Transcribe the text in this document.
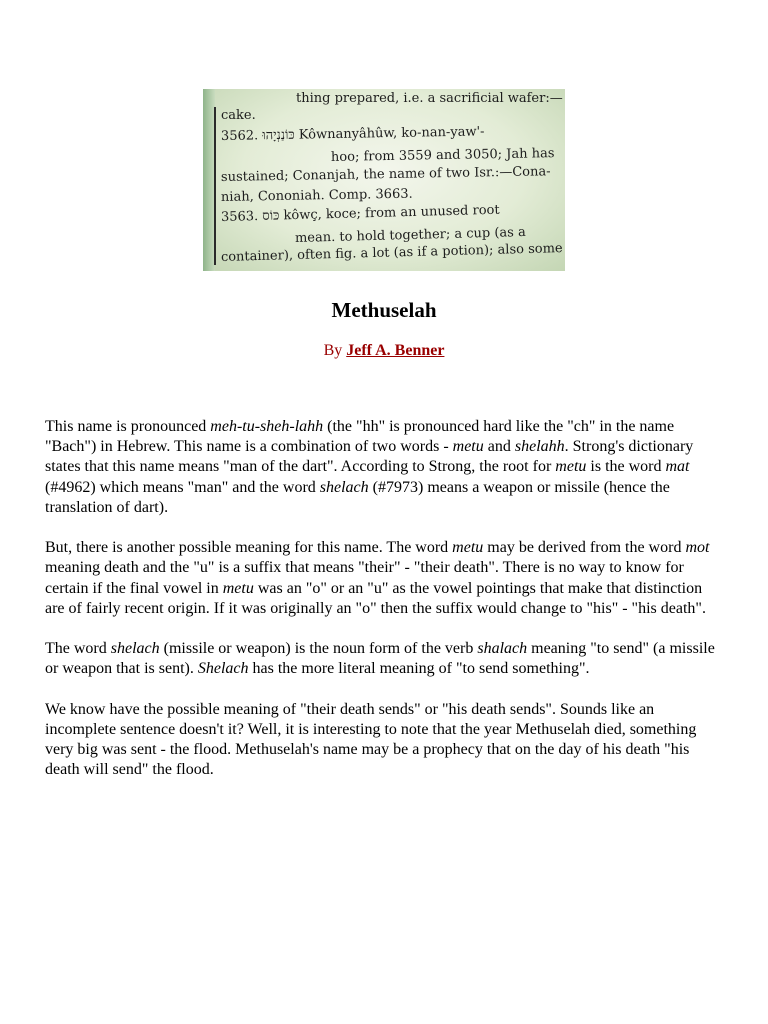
thing prepared, i.e. a sacrificial wafer:—

cake.

3562. כּוֹנַנְיָהוּ Kôwnanyâhûw, ko-nan-yaw'-

hoo; from 3559 and 3050; Jah has

sustained; Conanjah, the name of two Isr.:—Cona-

niah, Cononiah. Comp. 3663.

3563. כּוֹס kôwç, koce; from an unused root

mean. to hold together; a cup (as a

container), often fig. a lot (as if a potion); also some

Methuselah

By Jeff A. Benner

This name is pronounced meh-tu-sheh-lahh (the "hh" is pronounced hard like the "ch" in the name "Bach") in Hebrew. This name is a combination of two words - metu and shelahh. Strong's dictionary states that this name means "man of the dart". According to Strong, the root for metu is the word mat (#4962) which means "man" and the word shelach (#7973) means a weapon or missile (hence the translation of dart).

But, there is another possible meaning for this name. The word metu may be derived from the word mot meaning death and the "u" is a suffix that means "their" - "their death". There is no way to know for certain if the final vowel in metu was an "o" or an "u" as the vowel pointings that make that distinction are of fairly recent origin. If it was originally an "o" then the suffix would change to "his" - "his death".

The word shelach (missile or weapon) is the noun form of the verb shalach meaning "to send" (a missile or weapon that is sent). Shelach has the more literal meaning of "to send something".

We know have the possible meaning of "their death sends" or "his death sends". Sounds like an incomplete sentence doesn't it? Well, it is interesting to note that the year Methuselah died, something very big was sent - the flood. Methuselah's name may be a prophecy that on the day of his death "his death will send" the flood.
